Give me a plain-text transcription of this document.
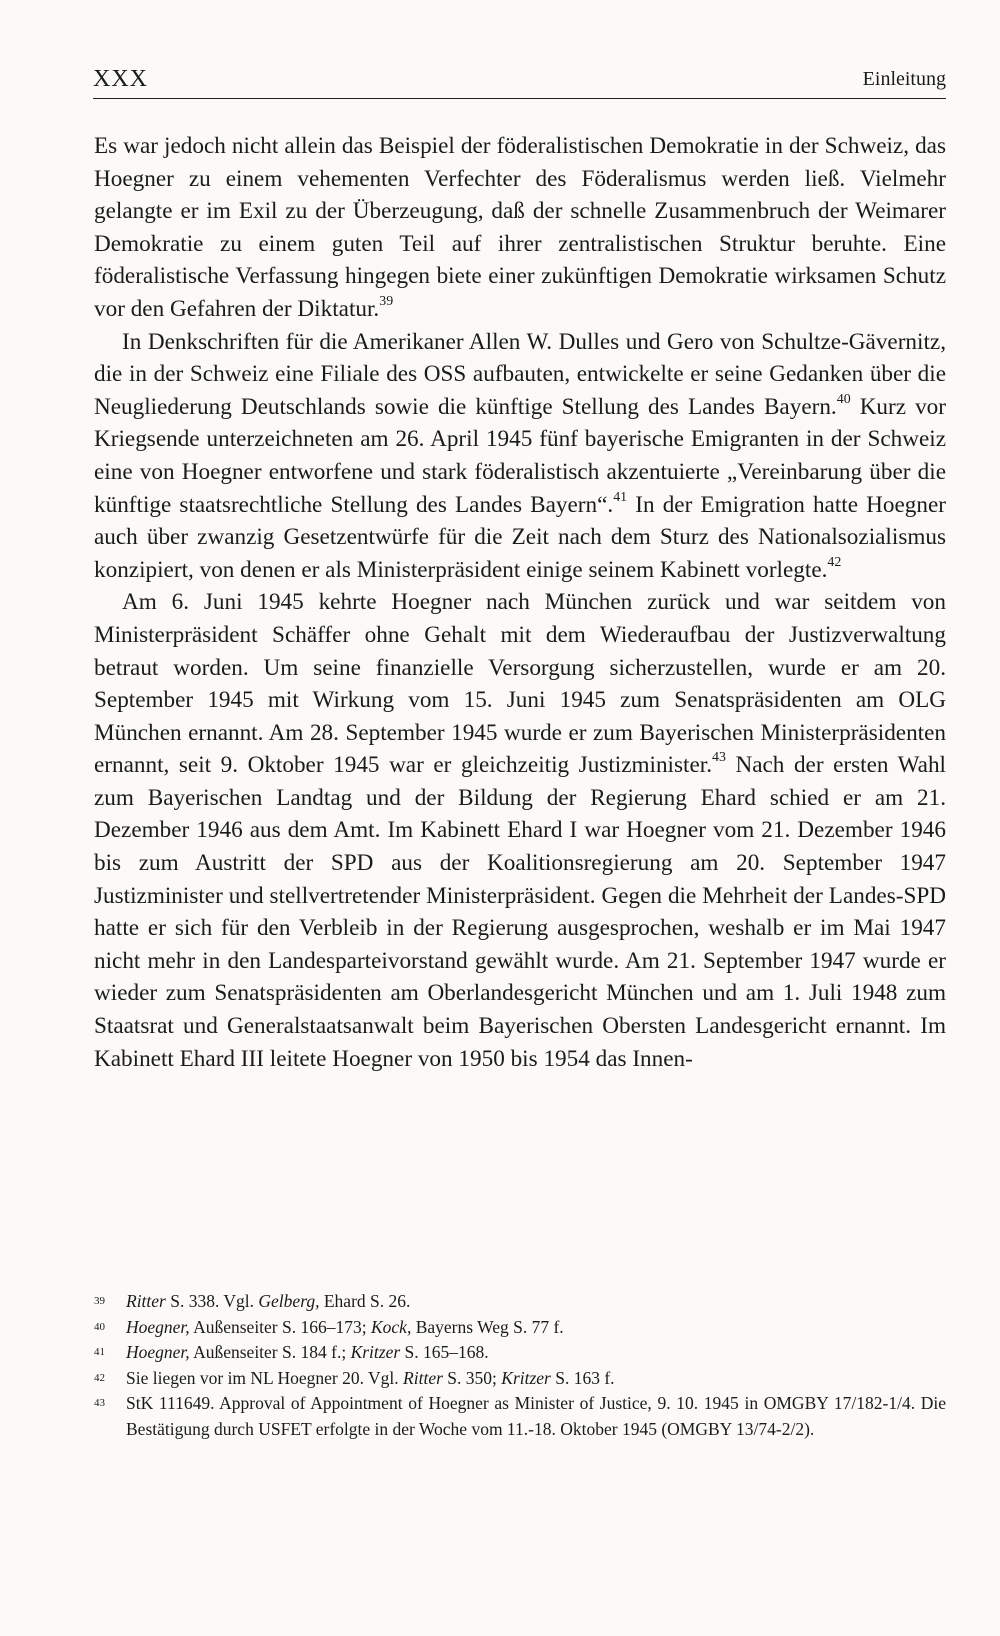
XXX	Einleitung

Es war jedoch nicht allein das Beispiel der föderalistischen Demokratie in der Schweiz, das Hoegner zu einem vehementen Verfechter des Föderalismus werden ließ. Vielmehr gelangte er im Exil zu der Überzeugung, daß der schnelle Zusammenbruch der Weimarer Demokratie zu einem guten Teil auf ihrer zentralistischen Struktur beruhte. Eine föderalistische Verfassung hingegen biete einer zukünftigen Demokratie wirksamen Schutz vor den Gefahren der Diktatur.$^{39}$

In Denkschriften für die Amerikaner Allen W. Dulles und Gero von Schultze-Gävernitz, die in der Schweiz eine Filiale des OSS aufbauten, entwickelte er seine Gedanken über die Neugliederung Deutschlands sowie die künftige Stellung des Landes Bayern.$^{40}$ Kurz vor Kriegsende unterzeichneten am 26. April 1945 fünf bayerische Emigranten in der Schweiz eine von Hoegner entworfene und stark föderalistisch akzentuierte „Vereinbarung über die künftige staatsrechtliche Stellung des Landes Bayern“.$^{41}$ In der Emigration hatte Hoegner auch über zwanzig Gesetzentwürfe für die Zeit nach dem Sturz des Nationalsozialismus konzipiert, von denen er als Ministerpräsident einige seinem Kabinett vorlegte.$^{42}$

Am 6. Juni 1945 kehrte Hoegner nach München zurück und war seitdem von Ministerpräsident Schäffer ohne Gehalt mit dem Wiederaufbau der Justizverwaltung betraut worden. Um seine finanzielle Versorgung sicherzustellen, wurde er am 20. September 1945 mit Wirkung vom 15. Juni 1945 zum Senatspräsidenten am OLG München ernannt. Am 28. September 1945 wurde er zum Bayerischen Ministerpräsidenten ernannt, seit 9. Oktober 1945 war er gleichzeitig Justizminister.$^{43}$ Nach der ersten Wahl zum Bayerischen Landtag und der Bildung der Regierung Ehard schied er am 21. Dezember 1946 aus dem Amt. Im Kabinett Ehard I war Hoegner vom 21. Dezember 1946 bis zum Austritt der SPD aus der Koalitionsregierung am 20. September 1947 Justizminister und stellvertretender Ministerpräsident. Gegen die Mehrheit der Landes-SPD hatte er sich für den Verbleib in der Regierung ausgesprochen, weshalb er im Mai 1947 nicht mehr in den Landesparteivorstand gewählt wurde. Am 21. September 1947 wurde er wieder zum Senatspräsidenten am Oberlandesgericht München und am 1. Juli 1948 zum Staatsrat und Generalstaatsanwalt beim Bayerischen Obersten Landesgericht ernannt. Im Kabinett Ehard III leitete Hoegner von 1950 bis 1954 das Innen-

39 Ritter S. 338. Vgl. Gelberg, Ehard S. 26.
40 Hoegner, Außenseiter S. 166–173; Kock, Bayerns Weg S. 77 f.
41 Hoegner, Außenseiter S. 184 f.; Kritzer S. 165–168.
42 Sie liegen vor im NL Hoegner 20. Vgl. Ritter S. 350; Kritzer S. 163 f.
43 StK 111649. Approval of Appointment of Hoegner as Minister of Justice, 9. 10. 1945 in OMGBY 17/182-1/4. Die Bestätigung durch USFET erfolgte in der Woche vom 11.-18. Oktober 1945 (OMGBY 13/74-2/2).
